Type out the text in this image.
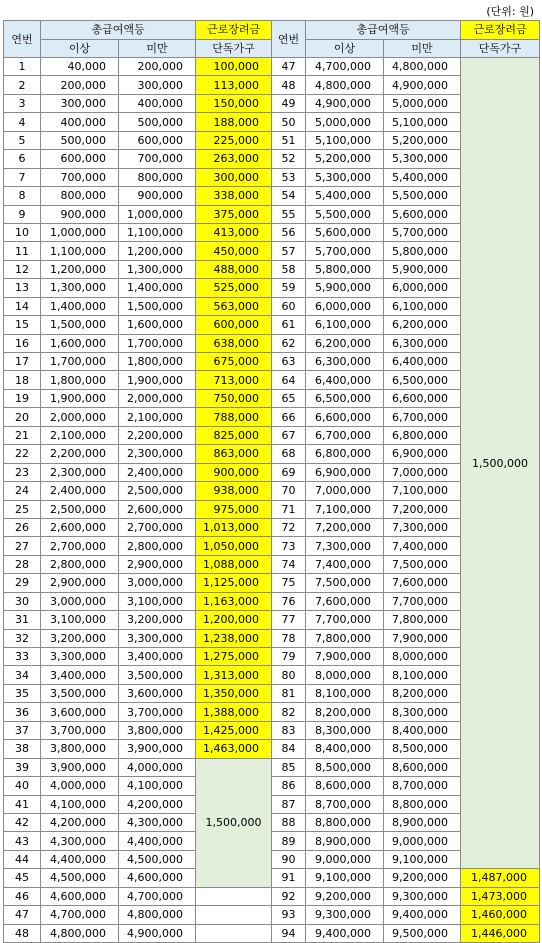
(단위: 원)
연번	총급여액등		근로장려금	연번	총급여액등		근로장려금
	이상	미만	단독가구		이상	미만	단독가구
1	40,000	200,000	100,000	47	4,700,000	4,800,000	1,500,000
2	200,000	300,000	113,000	48	4,800,000	4,900,000	
3	300,000	400,000	150,000	49	4,900,000	5,000,000	
4	400,000	500,000	188,000	50	5,000,000	5,100,000	
5	500,000	600,000	225,000	51	5,100,000	5,200,000	
6	600,000	700,000	263,000	52	5,200,000	5,300,000	
7	700,000	800,000	300,000	53	5,300,000	5,400,000	
8	800,000	900,000	338,000	54	5,400,000	5,500,000	
9	900,000	1,000,000	375,000	55	5,500,000	5,600,000	
10	1,000,000	1,100,000	413,000	56	5,600,000	5,700,000	
11	1,100,000	1,200,000	450,000	57	5,700,000	5,800,000	
12	1,200,000	1,300,000	488,000	58	5,800,000	5,900,000	
13	1,300,000	1,400,000	525,000	59	5,900,000	6,000,000	
14	1,400,000	1,500,000	563,000	60	6,000,000	6,100,000	
15	1,500,000	1,600,000	600,000	61	6,100,000	6,200,000	
16	1,600,000	1,700,000	638,000	62	6,200,000	6,300,000	
17	1,700,000	1,800,000	675,000	63	6,300,000	6,400,000	
18	1,800,000	1,900,000	713,000	64	6,400,000	6,500,000	
19	1,900,000	2,000,000	750,000	65	6,500,000	6,600,000	
20	2,000,000	2,100,000	788,000	66	6,600,000	6,700,000	
21	2,100,000	2,200,000	825,000	67	6,700,000	6,800,000	
22	2,200,000	2,300,000	863,000	68	6,800,000	6,900,000	
23	2,300,000	2,400,000	900,000	69	6,900,000	7,000,000	
24	2,400,000	2,500,000	938,000	70	7,000,000	7,100,000	
25	2,500,000	2,600,000	975,000	71	7,100,000	7,200,000	
26	2,600,000	2,700,000	1,013,000	72	7,200,000	7,300,000	
27	2,700,000	2,800,000	1,050,000	73	7,300,000	7,400,000	
28	2,800,000	2,900,000	1,088,000	74	7,400,000	7,500,000	
29	2,900,000	3,000,000	1,125,000	75	7,500,000	7,600,000	
30	3,000,000	3,100,000	1,163,000	76	7,600,000	7,700,000	
31	3,100,000	3,200,000	1,200,000	77	7,700,000	7,800,000	
32	3,200,000	3,300,000	1,238,000	78	7,800,000	7,900,000	
33	3,300,000	3,400,000	1,275,000	79	7,900,000	8,000,000	
34	3,400,000	3,500,000	1,313,000	80	8,000,000	8,100,000	
35	3,500,000	3,600,000	1,350,000	81	8,100,000	8,200,000	
36	3,600,000	3,700,000	1,388,000	82	8,200,000	8,300,000	
37	3,700,000	3,800,000	1,425,000	83	8,300,000	8,400,000	
38	3,800,000	3,900,000	1,463,000	84	8,400,000	8,500,000	
39	3,900,000	4,000,000	1,500,000	85	8,500,000	8,600,000	
40	4,000,000	4,100,000		86	8,600,000	8,700,000	
41	4,100,000	4,200,000		87	8,700,000	8,800,000	
42	4,200,000	4,300,000		88	8,800,000	8,900,000	
43	4,300,000	4,400,000		89	8,900,000	9,000,000	
44	4,400,000	4,500,000		90	9,000,000	9,100,000	
45	4,500,000	4,600,000		91	9,100,000	9,200,000	1,487,000
46	4,600,000	4,700,000		92	9,200,000	9,300,000	1,473,000
47	4,700,000	4,800,000		93	9,300,000	9,400,000	1,460,000
48	4,800,000	4,900,000		94	9,400,000	9,500,000	1,446,000
